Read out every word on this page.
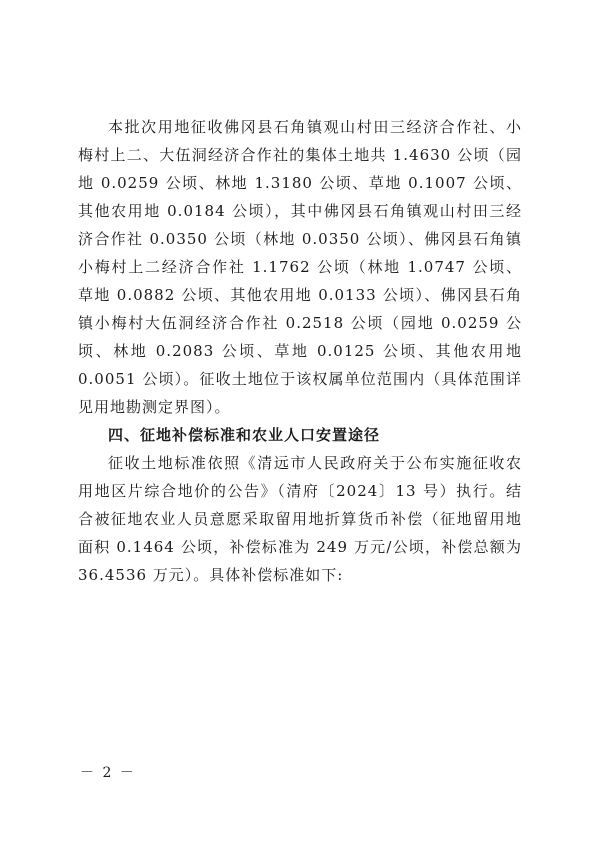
本批次用地征收佛冈县石角镇观山村田三经济合作社、小梅村上二、大伍洞经济合作社的集体土地共 1.4630 公顷（园地 0.0259 公顷、林地 1.3180 公顷、草地 0.1007 公顷、其他农用地 0.0184 公顷），其中佛冈县石角镇观山村田三经济合作社 0.0350 公顷（林地 0.0350 公顷）、佛冈县石角镇小梅村上二经济合作社 1.1762 公顷（林地 1.0747 公顷、草地 0.0882 公顷、其他农用地 0.0133 公顷）、佛冈县石角镇小梅村大伍洞经济合作社 0.2518 公顷（园地 0.0259 公顷、林地 0.2083 公顷、草地 0.0125 公顷、其他农用地 0.0051 公顷）。征收土地位于该权属单位范围内（具体范围详见用地勘测定界图）。

四、征地补偿标准和农业人口安置途径

征收土地标准依照《清远市人民政府关于公布实施征收农用地区片综合地价的公告》（清府〔2024〕13 号）执行。结合被征地农业人员意愿采取留用地折算货币补偿（征地留用地面积 0.1464 公顷，补偿标准为 249 万元/公顷，补偿总额为 36.4536 万元）。具体补偿标准如下:

－ 2 －
